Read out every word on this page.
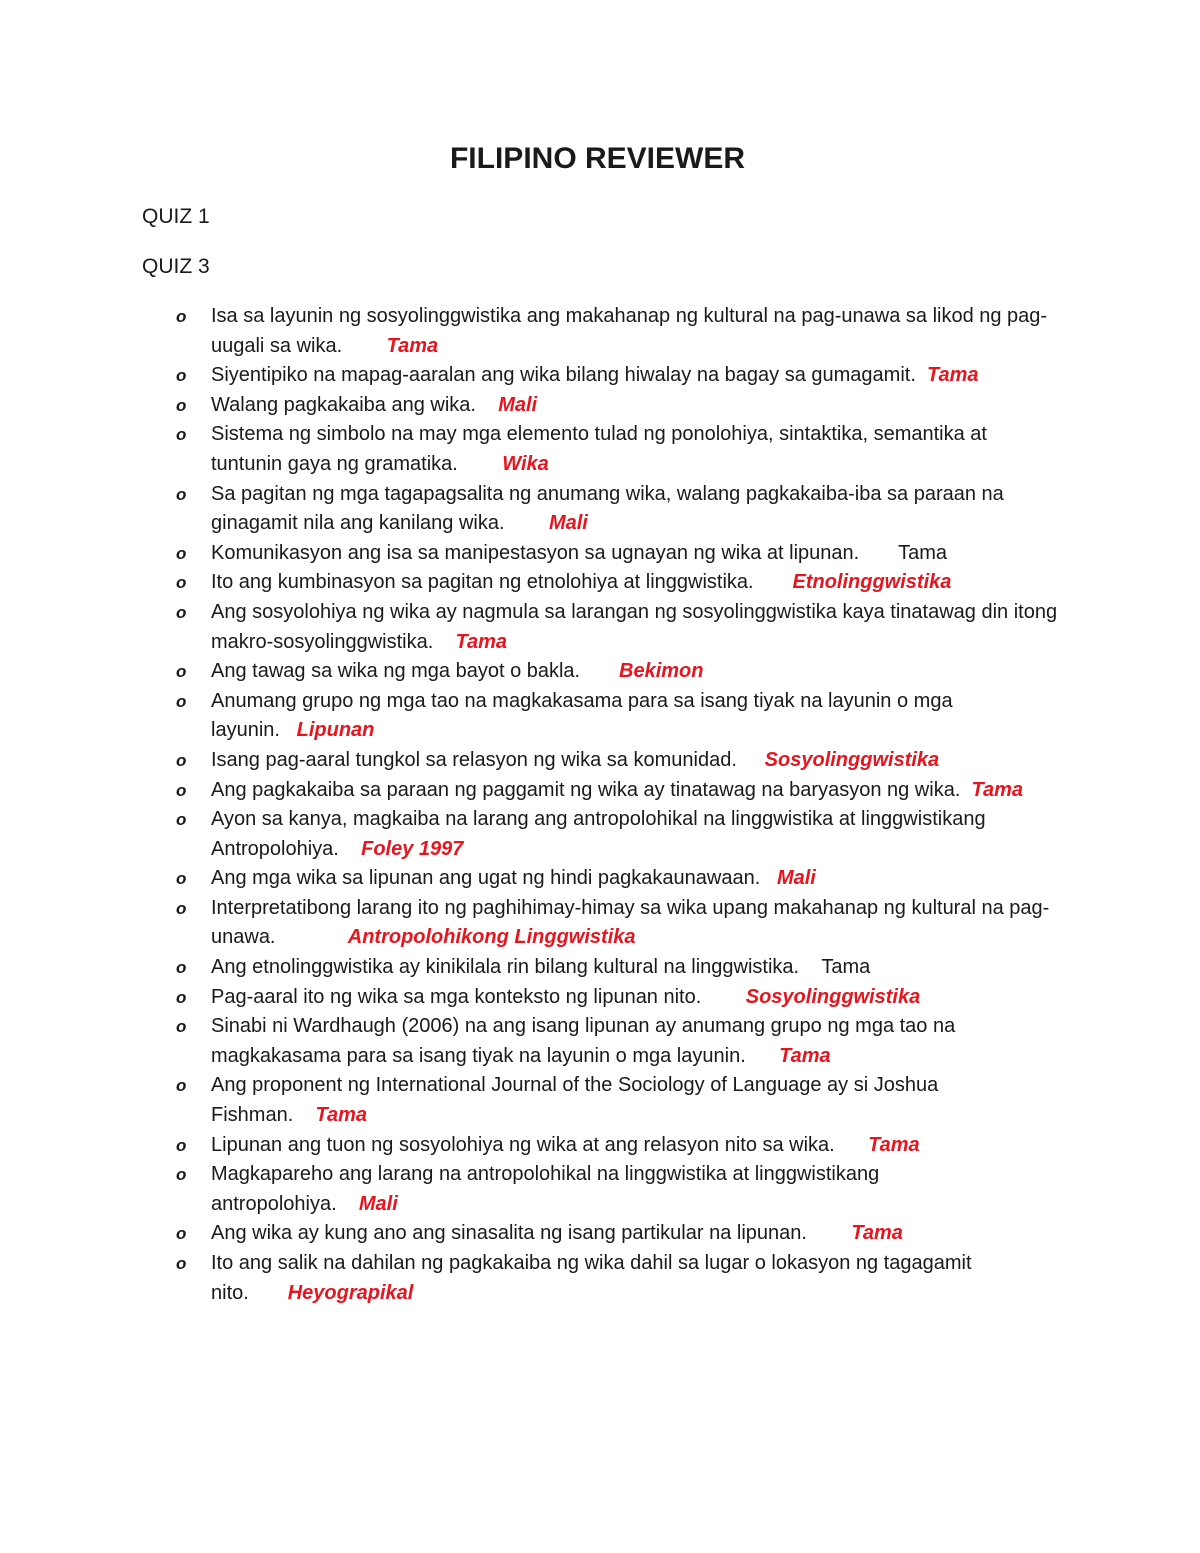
FILIPINO REVIEWER

QUIZ 1

QUIZ 3

o Isa sa layunin ng sosyolinggwistika ang makahanap ng kultural na pag-unawa sa likod ng pag-uugali sa wika. Tama
o Siyentipiko na mapag-aaralan ang wika bilang hiwalay na bagay sa gumagamit. Tama
o Walang pagkakaiba ang wika. Mali
o Sistema ng simbolo na may mga elemento tulad ng ponolohiya, sintaktika, semantika at tuntunin gaya ng gramatika. Wika
o Sa pagitan ng mga tagapagsalita ng anumang wika, walang pagkakaiba-iba sa paraan na ginagamit nila ang kanilang wika. Mali
o Komunikasyon ang isa sa manipestasyon sa ugnayan ng wika at lipunan. Tama
o Ito ang kumbinasyon sa pagitan ng etnolohiya at linggwistika. Etnolinggwistika
o Ang sosyolohiya ng wika ay nagmula sa larangan ng sosyolinggwistika kaya tinatawag din itong makro-sosyolinggwistika. Tama
o Ang tawag sa wika ng mga bayot o bakla. Bekimon
o Anumang grupo ng mga tao na magkakasama para sa isang tiyak na layunin o mga layunin. Lipunan
o Isang pag-aaral tungkol sa relasyon ng wika sa komunidad. Sosyolinggwistika
o Ang pagkakaiba sa paraan ng paggamit ng wika ay tinatawag na baryasyon ng wika. Tama
o Ayon sa kanya, magkaiba na larang ang antropolohikal na linggwistika at linggwistikang Antropolohiya. Foley 1997
o Ang mga wika sa lipunan ang ugat ng hindi pagkakaunawaan. Mali
o Interpretatibong larang ito ng paghihimay-himay sa wika upang makahanap ng kultural na pag-unawa.	Antropolohikong Linggwistika
o Ang etnolinggwistika ay kinikilala rin bilang kultural na linggwistika. Tama
o Pag-aaral ito ng wika sa mga konteksto ng lipunan nito. Sosyolinggwistika
o Sinabi ni Wardhaugh (2006) na ang isang lipunan ay anumang grupo ng mga tao na magkakasama para sa isang tiyak na layunin o mga layunin. Tama
o Ang proponent ng International Journal of the Sociology of Language ay si Joshua Fishman. Tama
o Lipunan ang tuon ng sosyolohiya ng wika at ang relasyon nito sa wika. Tama
o Magkapareho ang larang na antropolohikal na linggwistika at linggwistikang antropolohiya. Mali
o Ang wika ay kung ano ang sinasalita ng isang partikular na lipunan. Tama
o Ito ang salik na dahilan ng pagkakaiba ng wika dahil sa lugar o lokasyon ng tagagamit nito. Heyograpikal
